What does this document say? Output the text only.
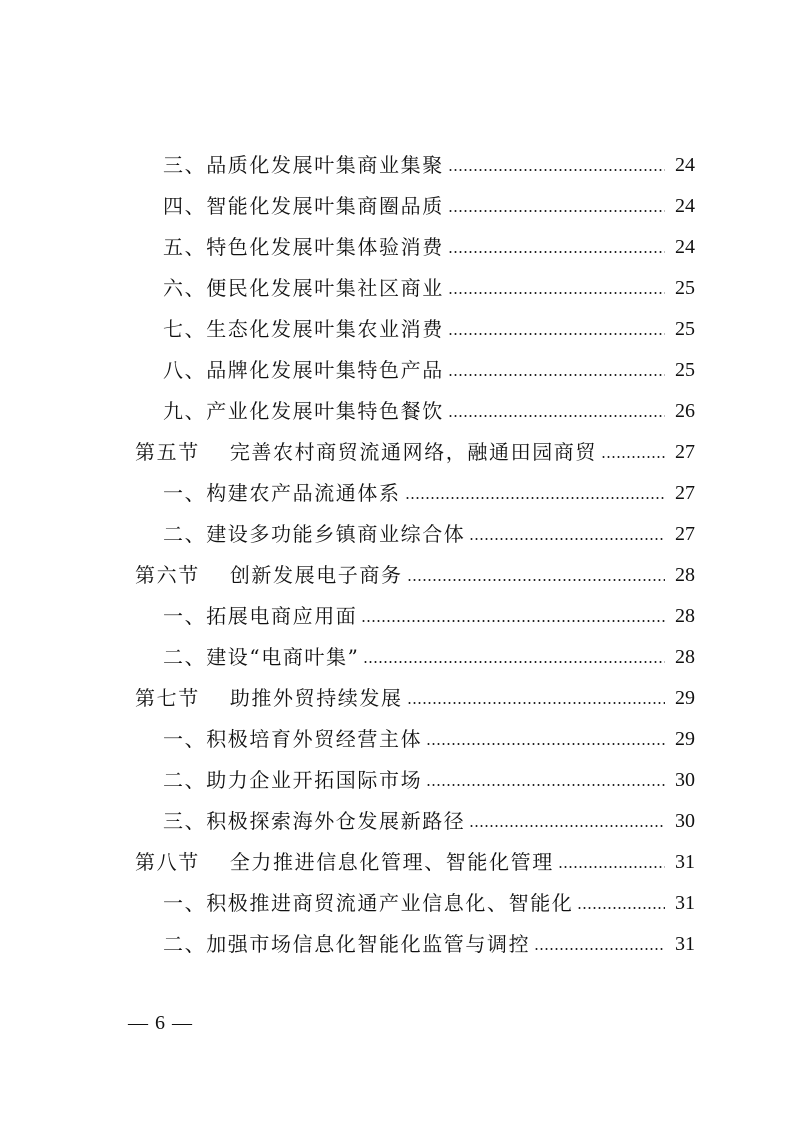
三、品质化发展叶集商业集聚	24
四、智能化发展叶集商圈品质	24
五、特色化发展叶集体验消费	24
六、便民化发展叶集社区商业	25
七、生态化发展叶集农业消费	25
八、品牌化发展叶集特色产品	25
九、产业化发展叶集特色餐饮	26
第五节 完善农村商贸流通网络，融通田园商贸	27
一、构建农产品流通体系	27
二、建设多功能乡镇商业综合体	27
第六节 创新发展电子商务	28
一、拓展电商应用面	28
二、建设“电商叶集”	28
第七节 助推外贸持续发展	29
一、积极培育外贸经营主体	29
二、助力企业开拓国际市场	30
三、积极探索海外仓发展新路径	30
第八节 全力推进信息化管理、智能化管理	31
一、积极推进商贸流通产业信息化、智能化	31
二、加强市场信息化智能化监管与调控	31
— 6 —
